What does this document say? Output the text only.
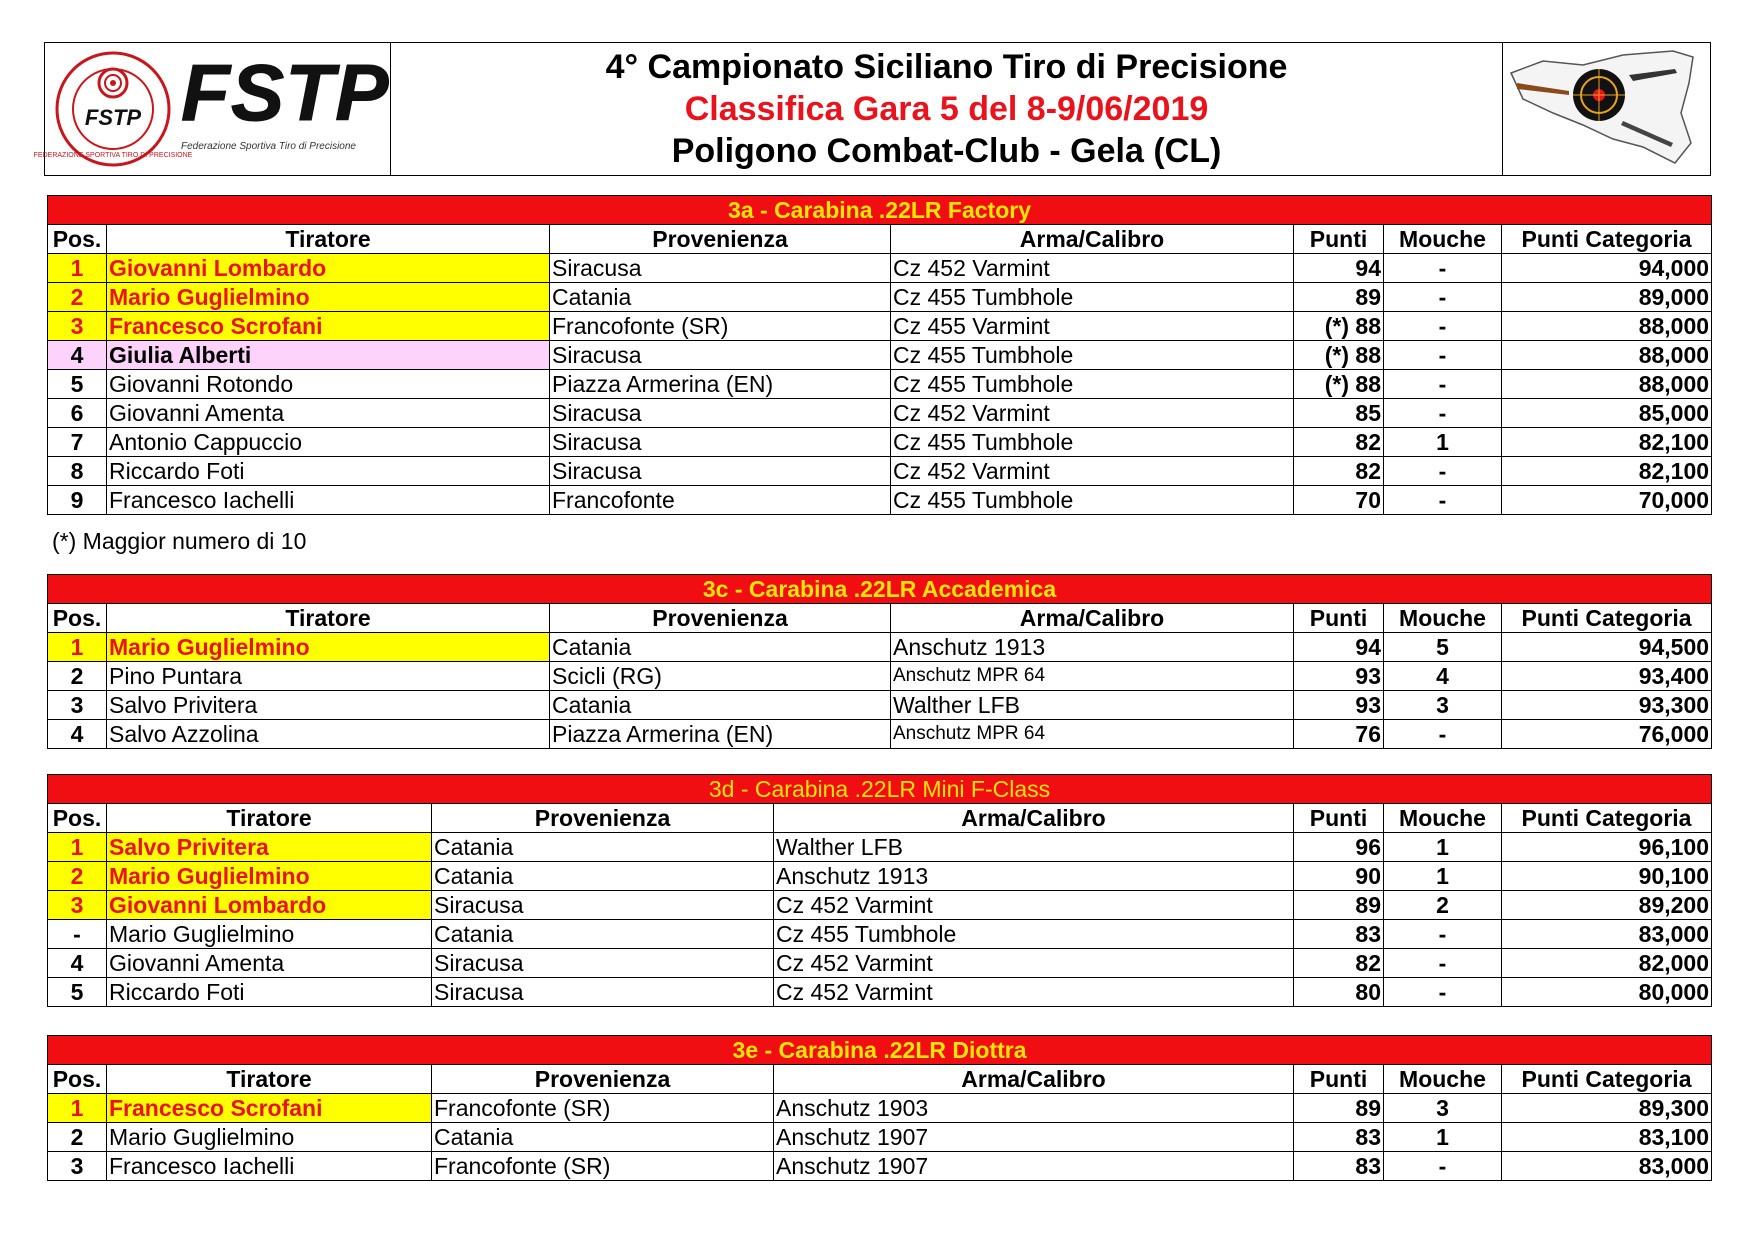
FSTP
FEDERAZIONE SPORTIVA TIRO DI PRECISIONE
FSTP
Federazione Sportiva Tiro di Precisione
4° Campionato Siciliano Tiro di Precisione
Classifica Gara 5 del 8-9/06/2019
Poligono Combat-Club - Gela (CL)
3a - Carabina .22LR Factory						
Pos.	Tiratore	Provenienza	Arma/Calibro	Punti	Mouche	Punti Categoria
1	Giovanni Lombardo	Siracusa	Cz 452 Varmint	94	-	94,000
2	Mario Guglielmino	Catania	Cz 455 Tumbhole	89	-	89,000
3	Francesco Scrofani	Francofonte (SR)	Cz 455 Varmint	(*) 88	-	88,000
4	Giulia Alberti	Siracusa	Cz 455 Tumbhole	(*) 88	-	88,000
5	Giovanni Rotondo	Piazza Armerina (EN)	Cz 455 Tumbhole	(*) 88	-	88,000
6	Giovanni Amenta	Siracusa	Cz 452 Varmint	85	-	85,000
7	Antonio Cappuccio	Siracusa	Cz 455 Tumbhole	82	1	82,100
8	Riccardo Foti	Siracusa	Cz 452 Varmint	82	-	82,100
9	Francesco Iachelli	Francofonte	Cz 455 Tumbhole	70	-	70,000
(*) Maggior numero di 10
3c - Carabina .22LR Accademica						
Pos.	Tiratore	Provenienza	Arma/Calibro	Punti	Mouche	Punti Categoria
1	Mario Guglielmino	Catania	Anschutz 1913	94	5	94,500
2	Pino Puntara	Scicli (RG)	Anschutz MPR 64	93	4	93,400
3	Salvo Privitera	Catania	Walther LFB	93	3	93,300
4	Salvo Azzolina	Piazza Armerina (EN)	Anschutz MPR 64	76	-	76,000
3d - Carabina .22LR Mini F-Class						
Pos.	Tiratore	Provenienza	Arma/Calibro	Punti	Mouche	Punti Categoria
1	Salvo Privitera	Catania	Walther LFB	96	1	96,100
2	Mario Guglielmino	Catania	Anschutz 1913	90	1	90,100
3	Giovanni Lombardo	Siracusa	Cz 452 Varmint	89	2	89,200
-	Mario Guglielmino	Catania	Cz 455 Tumbhole	83	-	83,000
4	Giovanni Amenta	Siracusa	Cz 452 Varmint	82	-	82,000
5	Riccardo Foti	Siracusa	Cz 452 Varmint	80	-	80,000
3e - Carabina .22LR Diottra						
Pos.	Tiratore	Provenienza	Arma/Calibro	Punti	Mouche	Punti Categoria
1	Francesco Scrofani	Francofonte (SR)	Anschutz 1903	89	3	89,300
2	Mario Guglielmino	Catania	Anschutz 1907	83	1	83,100
3	Francesco Iachelli	Francofonte (SR)	Anschutz 1907	83	-	83,000
